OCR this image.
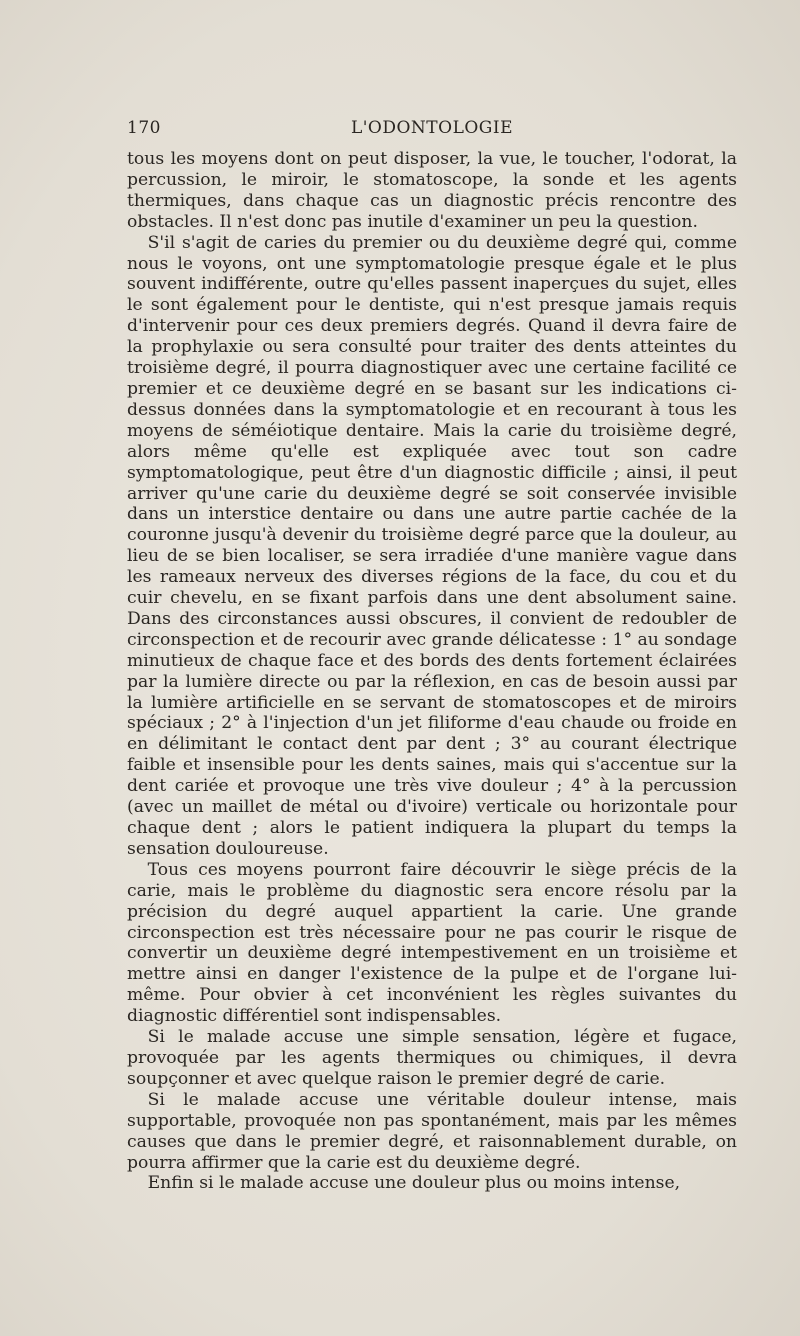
170	L'ODONTOLOGIE

tous les moyens dont on peut disposer, la vue, le toucher, l'odorat, la percussion, le miroir, le stomatoscope, la sonde et les agents thermiques, dans chaque cas un diagnostic précis rencontre des obstacles. Il n'est donc pas inutile d'examiner un peu la question.

S'il s'agit de caries du premier ou du deuxième degré qui, comme nous le voyons, ont une symptomatologie presque égale et le plus souvent indifférente, outre qu'elles passent inaperçues du sujet, elles le sont également pour le dentiste, qui n'est presque jamais requis d'intervenir pour ces deux premiers degrés. Quand il devra faire de la prophylaxie ou sera consulté pour traiter des dents atteintes du troisième degré, il pourra diagnostiquer avec une certaine facilité ce premier et ce deuxième degré en se basant sur les indications ci-dessus données dans la symptomatologie et en recourant à tous les moyens de séméiotique dentaire. Mais la carie du troisième degré, alors même qu'elle est expliquée avec tout son cadre symptomatologique, peut être d'un diagnostic difficile ; ainsi, il peut arriver qu'une carie du deuxième degré se soit conservée invisible dans un interstice dentaire ou dans une autre partie cachée de la couronne jusqu'à devenir du troisième degré parce que la douleur, au lieu de se bien localiser, se sera irradiée d'une manière vague dans les rameaux nerveux des diverses régions de la face, du cou et du cuir chevelu, en se fixant parfois dans une dent absolument saine. Dans des circonstances aussi obscures, il convient de redoubler de circonspection et de recourir avec grande délicatesse : 1° au sondage minutieux de chaque face et des bords des dents fortement éclairées par la lumière directe ou par la réflexion, en cas de besoin aussi par la lumière artificielle en se servant de stomatoscopes et de miroirs spéciaux ; 2° à l'injection d'un jet filiforme d'eau chaude ou froide en en délimitant le contact dent par dent ; 3° au courant électrique faible et insensible pour les dents saines, mais qui s'accentue sur la dent cariée et provoque une très vive douleur ; 4° à la percussion (avec un maillet de métal ou d'ivoire) verticale ou horizontale pour chaque dent ; alors le patient indiquera la plupart du temps la sensation douloureuse.

Tous ces moyens pourront faire découvrir le siège précis de la carie, mais le problème du diagnostic sera encore résolu par la précision du degré auquel appartient la carie. Une grande circonspection est très nécessaire pour ne pas courir le risque de convertir un deuxième degré intempestivement en un troisième et mettre ainsi en danger l'existence de la pulpe et de l'organe lui-même. Pour obvier à cet inconvénient les règles suivantes du diagnostic différentiel sont indispensables.

Si le malade accuse une simple sensation, légère et fugace, provoquée par les agents thermiques ou chimiques, il devra soupçonner et avec quelque raison le premier degré de carie.

Si le malade accuse une véritable douleur intense, mais supportable, provoquée non pas spontanément, mais par les mêmes causes que dans le premier degré, et raisonnablement durable, on pourra affirmer que la carie est du deuxième degré.

Enfin si le malade accuse une douleur plus ou moins intense,
